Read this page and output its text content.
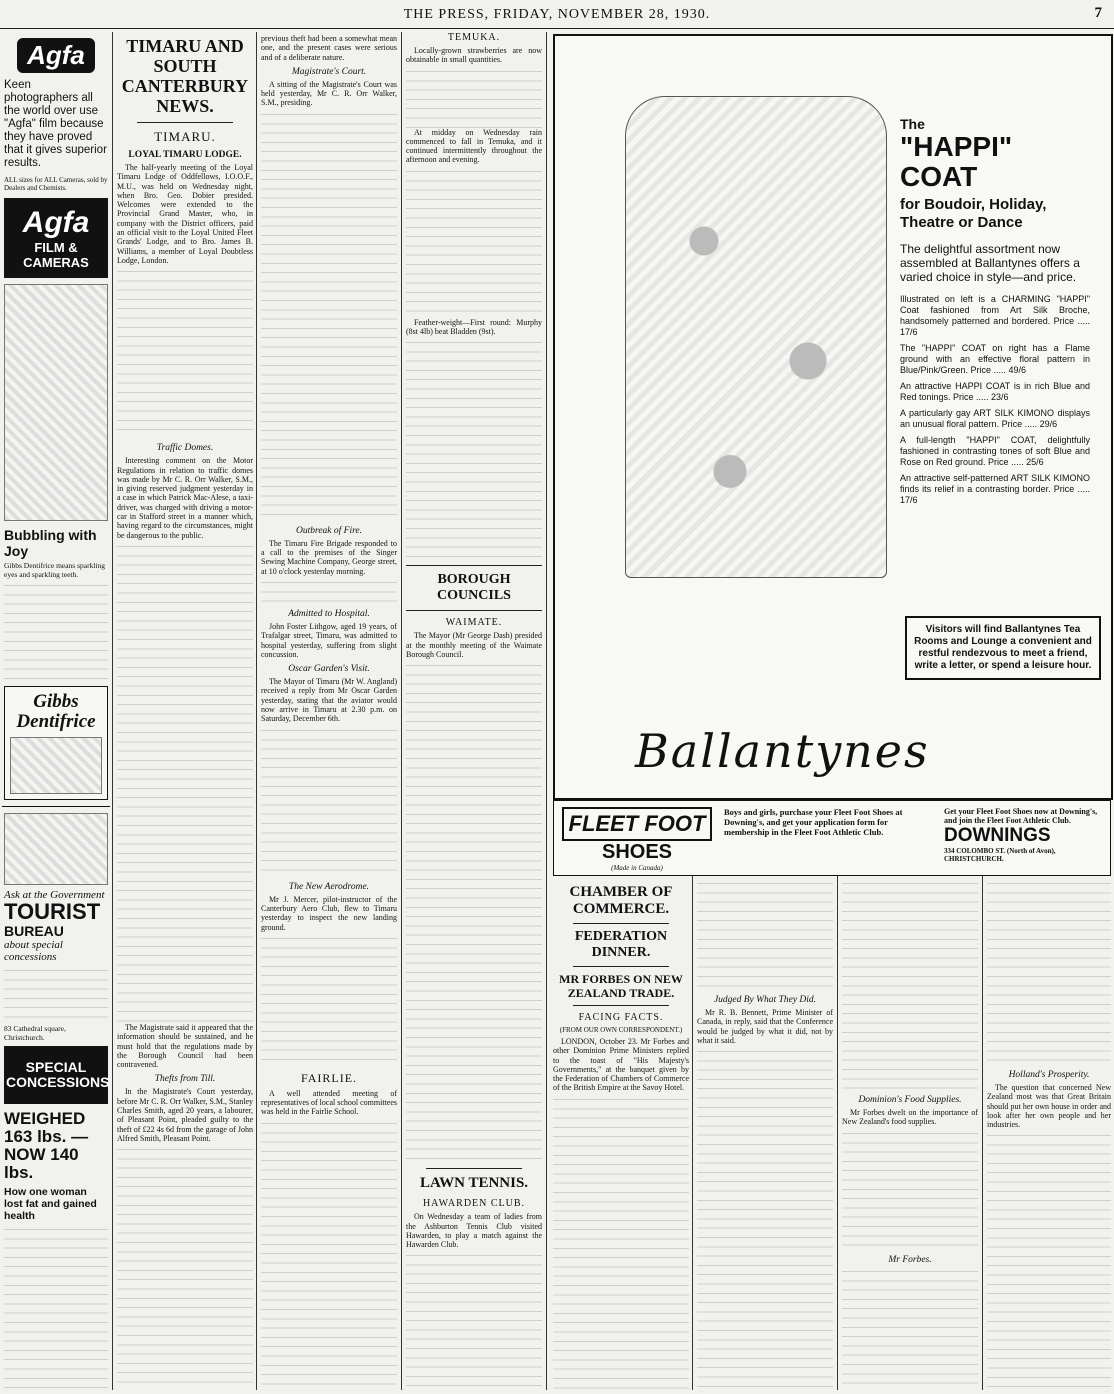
THE PRESS, FRIDAY, NOVEMBER 28, 1930.	7
Agfa
Keen photographers all the world over use "Agfa" film because they have proved that it gives superior results.
ALL sizes for ALL Cameras, sold by Dealers and Chemists.
Agfa
FILM & CAMERAS
Bubbling with Joy
Gibbs Dentifrice means sparkling eyes and sparkling teeth.
Gibbs Dentifrice
Ask at the Government
TOURIST
BUREAU
about special concessions
83 Cathedral square, Christchurch.
SPECIAL CONCESSIONS
WEIGHED 163 lbs. —NOW 140 lbs.
How one woman lost fat and gained health
TIMARU AND SOUTH
CANTERBURY NEWS.
TIMARU.
LOYAL TIMARU LODGE.

The half-yearly meeting of the Loyal Timaru Lodge of Oddfellows, I.O.O.F., M.U., was held on Wednesday night, when Bro. Geo. Dobier presided. Welcomes were extended to the Provincial Grand Master, who, in company with the District officers, paid an official visit to the Loyal United Fleet Grands' Lodge, and to Bro. James B. Williams, a member of Loyal Doubtless Lodge, London.

Traffic Domes.

Interesting comment on the Motor Regulations in relation to traffic domes was made by Mr C. R. Orr Walker, S.M., in giving reserved judgment yesterday in a case in which Patrick Mac-Alese, a taxi-driver, was charged with driving a motor-car in Stafford street in a manner which, having regard to the circumstances, might be dangerous to the public.

The Magistrate said it appeared that the information should be sustained, and he must hold that the regulations made by the Borough Council had been contravened.

Thefts from Till.

In the Magistrate's Court yesterday, before Mr C. R. Orr Walker, S.M., Stanley Charles Smith, aged 20 years, a labourer, of Pleasant Point, pleaded guilty to the theft of £22 4s 6d from the garage of John Alfred Smith, Pleasant Point.

previous theft had been a somewhat mean one, and the present cases were serious and of a deliberate nature.

Magistrate's Court.

A sitting of the Magistrate's Court was held yesterday, Mr C. R. Orr Walker, S.M., presiding.

Outbreak of Fire.

The Timaru Fire Brigade responded to a call to the premises of the Singer Sewing Machine Company, George street, at 10 o'clock yesterday morning.

Admitted to Hospital.

John Foster Lithgow, aged 19 years, of Trafalgar street, Timaru, was admitted to hospital yesterday, suffering from slight concussion.

Oscar Garden's Visit.

The Mayor of Timaru (Mr W. Angland) received a reply from Mr Oscar Garden yesterday, stating that the aviator would now arrive in Timaru at 2.30 p.m. on Saturday, December 6th.

The New Aerodrome.

Mr J. Mercer, pilot-instructor of the Canterbury Aero Club, flew to Timaru yesterday to inspect the new landing ground.

FAIRLIE.

A well attended meeting of representatives of local school committees was held in the Fairlie School.

TEMUKA.

Locally-grown strawberries are now obtainable in small quantities.

At midday on Wednesday rain commenced to fall in Temuka, and it continued intermittently throughout the afternoon and evening.

Feather-weight—First round: Murphy (8st 4lb) beat Bladden (9st).

BOROUGH COUNCILS
WAIMATE.

The Mayor (Mr George Dash) presided at the monthly meeting of the Waimate Borough Council.

LAWN TENNIS.
HAWARDEN CLUB.

On Wednesday a team of ladies from the Ashburton Tennis Club visited Hawarden, to play a match against the Hawarden Club.

The
"HAPPI"
COAT
for Boudoir, Holiday, Theatre or Dance
The delightful assortment now assembled at Ballantynes offers a varied choice in style—and price.

Illustrated on left is a CHARMING "HAPPI" Coat fashioned from Art Silk Broche, handsomely patterned and bordered. Price ..... 17/6

The "HAPPI" COAT on right has a Flame ground with an effective floral pattern in Blue/Pink/Green. Price ..... 49/6

An attractive HAPPI COAT is in rich Blue and Red tonings. Price ..... 23/6

A particularly gay ART SILK KIMONO displays an unusual floral pattern. Price ..... 29/6

A full-length "HAPPI" COAT, delightfully fashioned in contrasting tones of soft Blue and Rose on Red ground. Price ..... 25/6

An attractive self-patterned ART SILK KIMONO finds its relief in a contrasting border. Price ..... 17/6

Visitors will find Ballantynes Tea Rooms and Lounge a convenient and restful rendezvous to meet a friend, write a letter, or spend a leisure hour.
Ballantynes
FLEET FOOT
SHOES
(Made in Canada)
Boys and girls, purchase your Fleet Foot Shoes at Downing's, and get your application form for membership in the Fleet Foot Athletic Club.
Get your Fleet Foot Shoes now at Downing's, and join the Fleet Foot Athletic Club.
DOWNINGS
334 COLOMBO ST. (North of Avon), CHRISTCHURCH.
CHAMBER OF COMMERCE.
FEDERATION DINNER.
MR FORBES ON NEW ZEALAND TRADE.
FACING FACTS.
(FROM OUR OWN CORRESPONDENT.)

LONDON, October 23. Mr Forbes and other Dominion Prime Ministers replied to the toast of "His Majesty's Governments," at the banquet given by the Federation of Chambers of Commerce of the British Empire at the Savoy Hotel.

Judged By What They Did.

Mr R. B. Bennett, Prime Minister of Canada, in reply, said that the Conference would be judged by what it did, not by what it said.

Dominion's Food Supplies.

Mr Forbes dwelt on the importance of New Zealand's food supplies.

Mr Forbes.
Holland's Prosperity.

The question that concerned New Zealand most was that Great Britain should put her own house in order and look after her own people and her industries.
